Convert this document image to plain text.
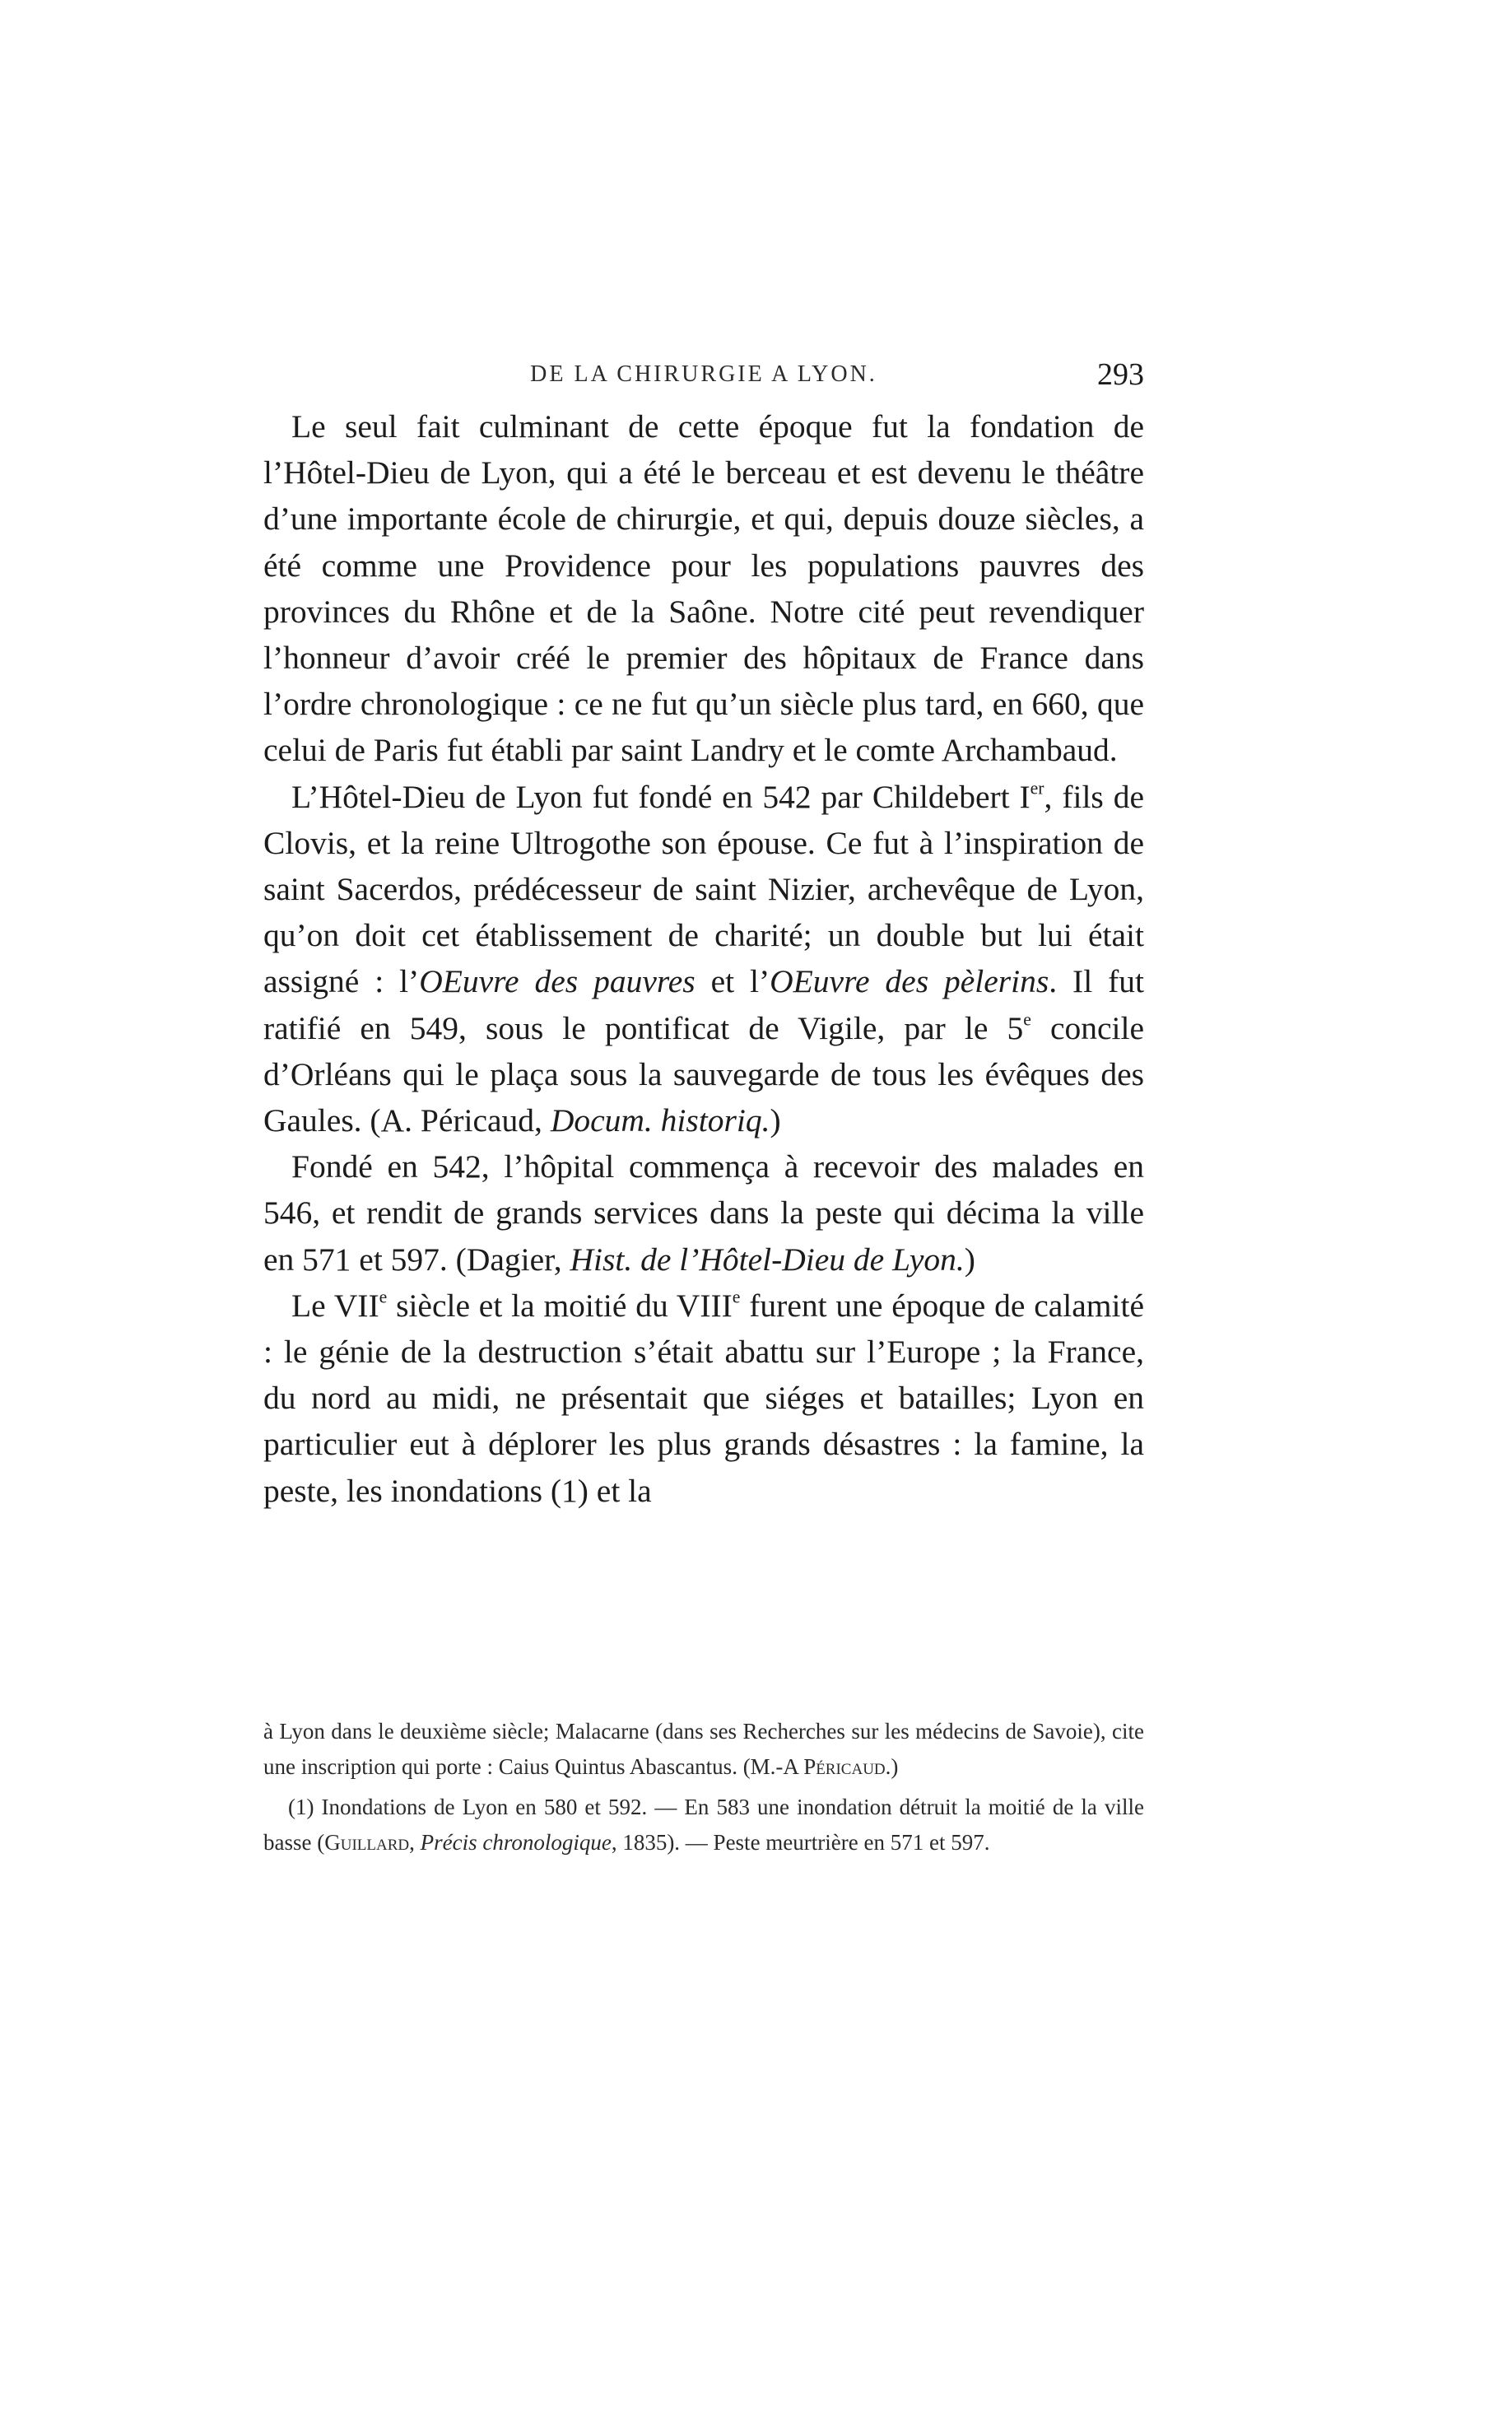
DE LA CHIRURGIE A LYON.	293

Le seul fait culminant de cette époque fut la fondation de l’Hôtel-Dieu de Lyon, qui a été le berceau et est devenu le théâtre d’une importante école de chirurgie, et qui, depuis douze siècles, a été comme une Providence pour les populations pauvres des provinces du Rhône et de la Saône. Notre cité peut revendiquer l’honneur d’avoir créé le premier des hôpitaux de France dans l’ordre chronologique : ce ne fut qu’un siècle plus tard, en 660, que celui de Paris fut établi par saint Landry et le comte Archambaud.

L’Hôtel-Dieu de Lyon fut fondé en 542 par Childebert Ier, fils de Clovis, et la reine Ultrogothe son épouse. Ce fut à l’inspiration de saint Sacerdos, prédécesseur de saint Nizier, archevêque de Lyon, qu’on doit cet établissement de charité; un double but lui était assigné : l’OEuvre des pauvres et l’OEuvre des pèlerins. Il fut ratifié en 549, sous le pontificat de Vigile, par le 5e concile d’Orléans qui le plaça sous la sauvegarde de tous les évêques des Gaules. (A. Péricaud, Docum. historiq.)

Fondé en 542, l’hôpital commença à recevoir des malades en 546, et rendit de grands services dans la peste qui décima la ville en 571 et 597. (Dagier, Hist. de l’Hôtel-Dieu de Lyon.)

Le VIIe siècle et la moitié du VIIIe furent une époque de calamité : le génie de la destruction s’était abattu sur l’Europe ; la France, du nord au midi, ne présentait que siéges et batailles; Lyon en particulier eut à déplorer les plus grands désastres : la famine, la peste, les inondations (1) et la

à Lyon dans le deuxième siècle; Malacarne (dans ses Recherches sur les médecins de Savoie), cite une inscription qui porte : Caius Quintus Abascantus. (M.-A Péricaud.)

(1) Inondations de Lyon en 580 et 592. — En 583 une inondation détruit la moitié de la ville basse (Guillard, Précis chronologique, 1835). — Peste meurtrière en 571 et 597.
